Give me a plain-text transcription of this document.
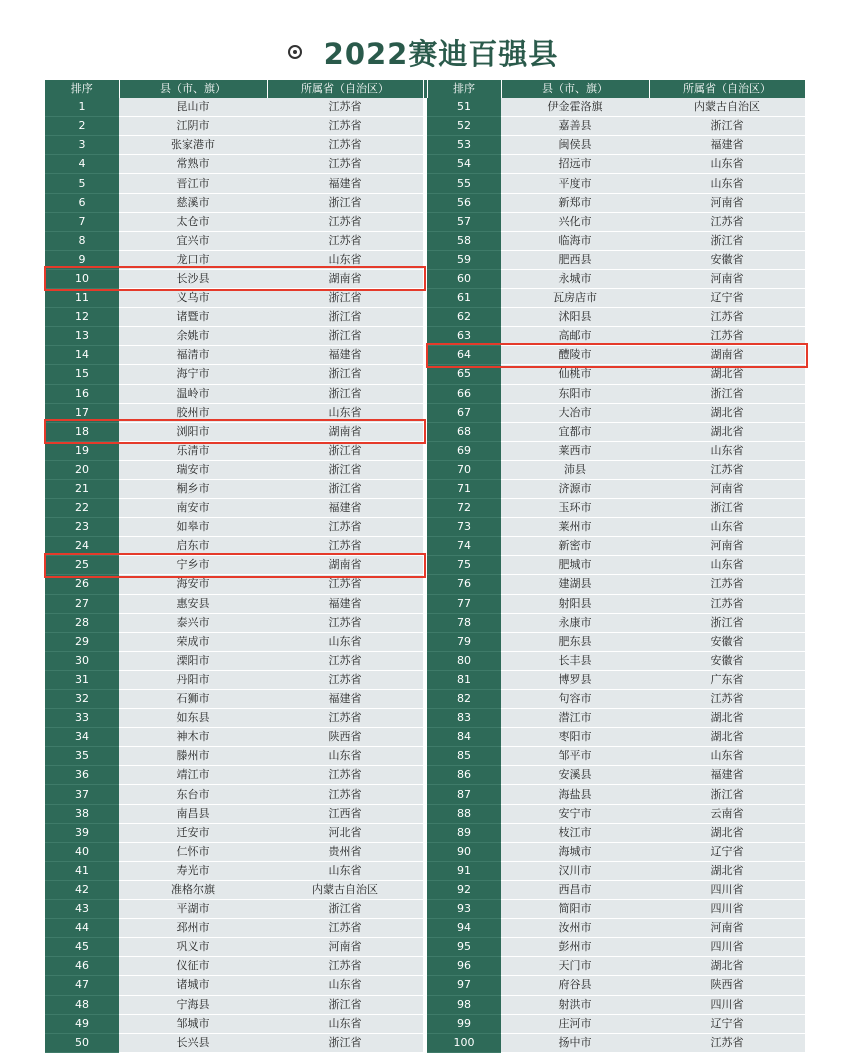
2022赛迪百强县
排序	县（市、旗）	所属省（自治区）		排序	县（市、旗）	所属省（自治区）
1	昆山市	江苏省		51	伊金霍洛旗	内蒙古自治区
2	江阴市	江苏省		52	嘉善县	浙江省
3	张家港市	江苏省		53	闽侯县	福建省
4	常熟市	江苏省		54	招远市	山东省
5	晋江市	福建省		55	平度市	山东省
6	慈溪市	浙江省		56	新郑市	河南省
7	太仓市	江苏省		57	兴化市	江苏省
8	宜兴市	江苏省		58	临海市	浙江省
9	龙口市	山东省		59	肥西县	安徽省
10	长沙县	湖南省		60	永城市	河南省
11	义乌市	浙江省		61	瓦房店市	辽宁省
12	诸暨市	浙江省		62	沭阳县	江苏省
13	余姚市	浙江省		63	高邮市	江苏省
14	福清市	福建省		64	醴陵市	湖南省
15	海宁市	浙江省		65	仙桃市	湖北省
16	温岭市	浙江省		66	东阳市	浙江省
17	胶州市	山东省		67	大冶市	湖北省
18	浏阳市	湖南省		68	宜都市	湖北省
19	乐清市	浙江省		69	莱西市	山东省
20	瑞安市	浙江省		70	沛县	江苏省
21	桐乡市	浙江省		71	济源市	河南省
22	南安市	福建省		72	玉环市	浙江省
23	如皋市	江苏省		73	莱州市	山东省
24	启东市	江苏省		74	新密市	河南省
25	宁乡市	湖南省		75	肥城市	山东省
26	海安市	江苏省		76	建湖县	江苏省
27	惠安县	福建省		77	射阳县	江苏省
28	泰兴市	江苏省		78	永康市	浙江省
29	荣成市	山东省		79	肥东县	安徽省
30	溧阳市	江苏省		80	长丰县	安徽省
31	丹阳市	江苏省		81	博罗县	广东省
32	石狮市	福建省		82	句容市	江苏省
33	如东县	江苏省		83	潜江市	湖北省
34	神木市	陕西省		84	枣阳市	湖北省
35	滕州市	山东省		85	邹平市	山东省
36	靖江市	江苏省		86	安溪县	福建省
37	东台市	江苏省		87	海盐县	浙江省
38	南昌县	江西省		88	安宁市	云南省
39	迁安市	河北省		89	枝江市	湖北省
40	仁怀市	贵州省		90	海城市	辽宁省
41	寿光市	山东省		91	汉川市	湖北省
42	准格尔旗	内蒙古自治区		92	西昌市	四川省
43	平湖市	浙江省		93	简阳市	四川省
44	邳州市	江苏省		94	汝州市	河南省
45	巩义市	河南省		95	彭州市	四川省
46	仪征市	江苏省		96	天门市	湖北省
47	诸城市	山东省		97	府谷县	陕西省
48	宁海县	浙江省		98	射洪市	四川省
49	邹城市	山东省		99	庄河市	辽宁省
50	长兴县	浙江省		100	扬中市	江苏省
